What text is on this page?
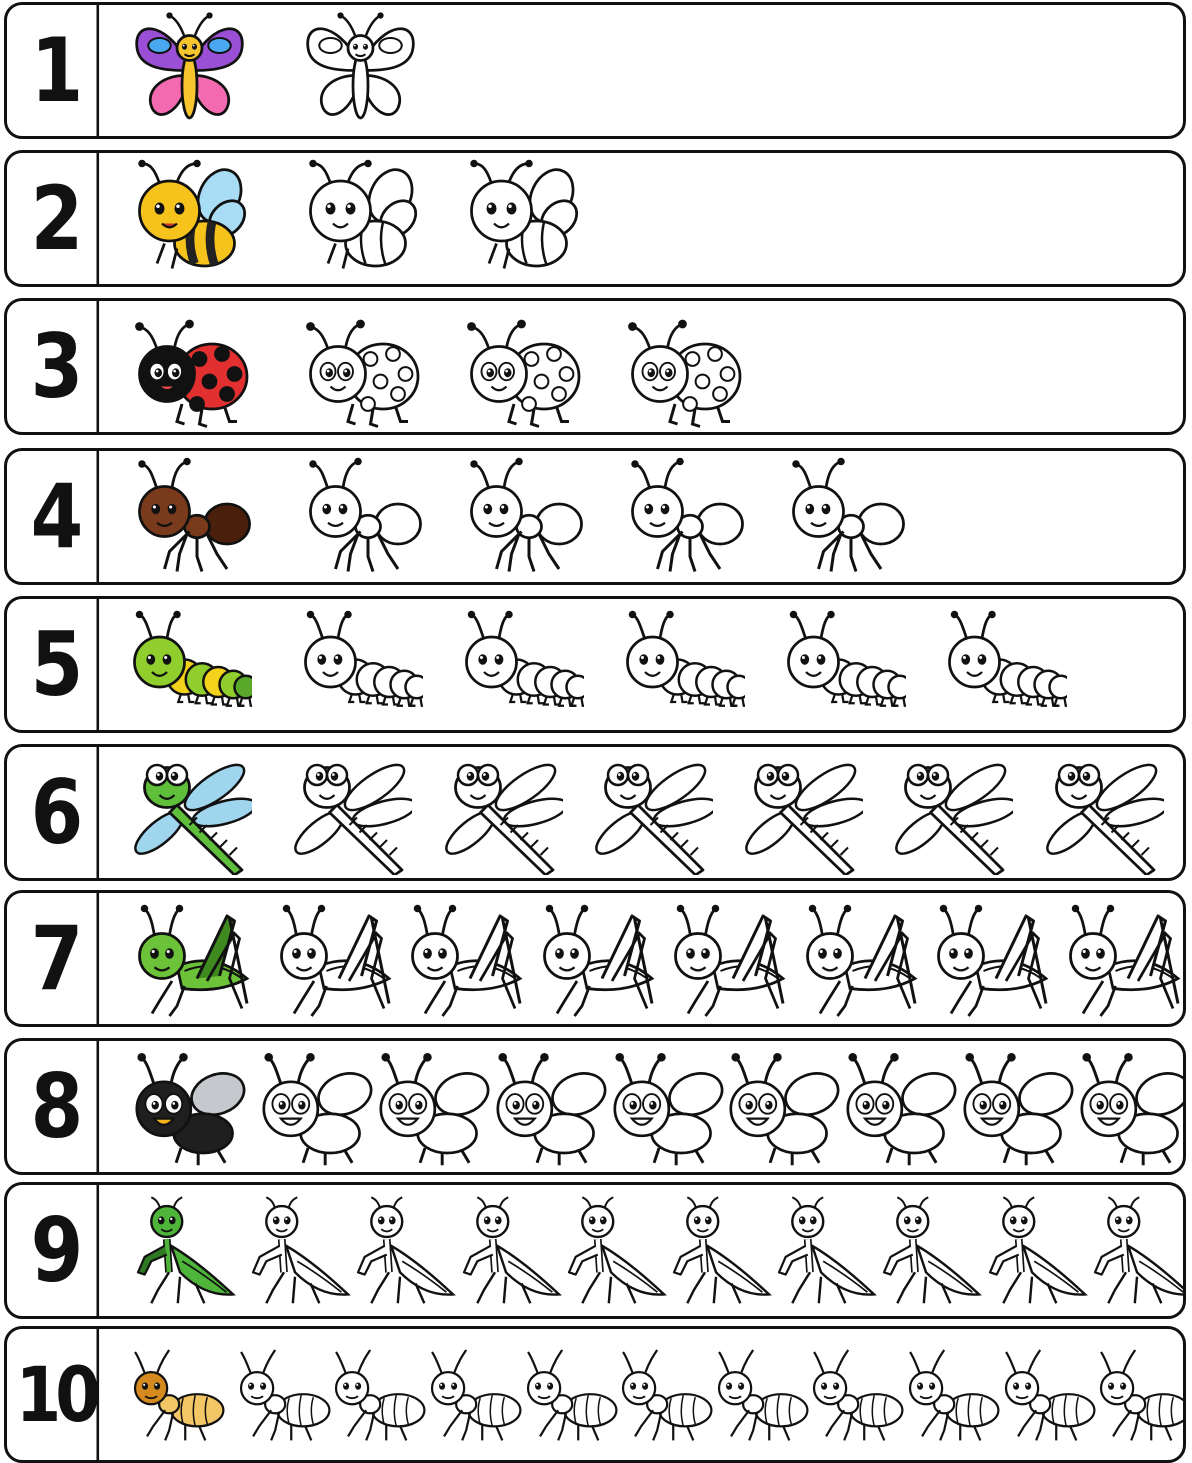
1
2
3
4
5
6
7
8
9
10
